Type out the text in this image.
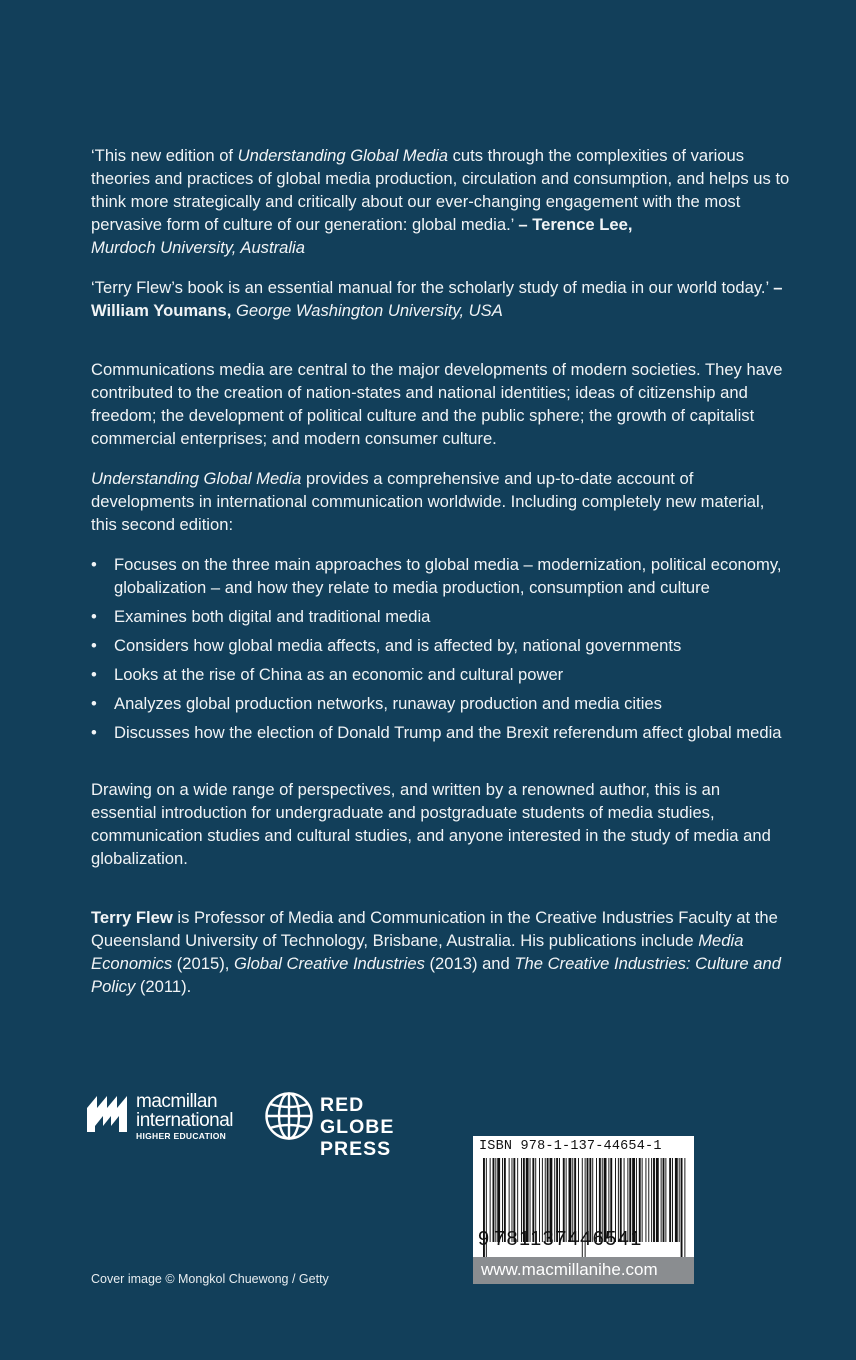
‘This new edition of Understanding Global Media cuts through the complexities of various theories and practices of global media production, circulation and consumption, and helps us to think more strategically and critically about our ever-changing engagement with the most pervasive form of culture of our generation: global media.’ – Terence Lee,
Murdoch University, Australia

‘Terry Flew’s book is an essential manual for the scholarly study of media in our world today.’ – William Youmans, George Washington University, USA

Communications media are central to the major developments of modern societies. They have contributed to the creation of nation-states and national identities; ideas of citizenship and freedom; the development of political culture and the public sphere; the growth of capitalist commercial enterprises; and modern consumer culture.

Understanding Global Media provides a comprehensive and up-to-date account of developments in international communication worldwide. Including completely new material, this second edition:

• Focuses on the three main approaches to global media – modernization, political economy, globalization – and how they relate to media production, consumption and culture
• Examines both digital and traditional media
• Considers how global media affects, and is affected by, national governments
• Looks at the rise of China as an economic and cultural power
• Analyzes global production networks, runaway production and media cities
• Discusses how the election of Donald Trump and the Brexit referendum affect global media

Drawing on a wide range of perspectives, and written by a renowned author, this is an essential introduction for undergraduate and postgraduate students of media studies, communication studies and cultural studies, and anyone interested in the study of media and globalization.

Terry Flew is Professor of Media and Communication in the Creative Industries Faculty at the Queensland University of Technology, Brisbane, Australia. His publications include Media Economics (2015), Global Creative Industries (2013) and The Creative Industries: Culture and Policy (2011).

macmillan
international
HIGHER EDUCATION
RED GLOBE
PRESS	ISBN 978-1-137-44654-1
9 781137446541
www.macmillanihe.com
Cover image © Mongkol Chuewong / Getty
